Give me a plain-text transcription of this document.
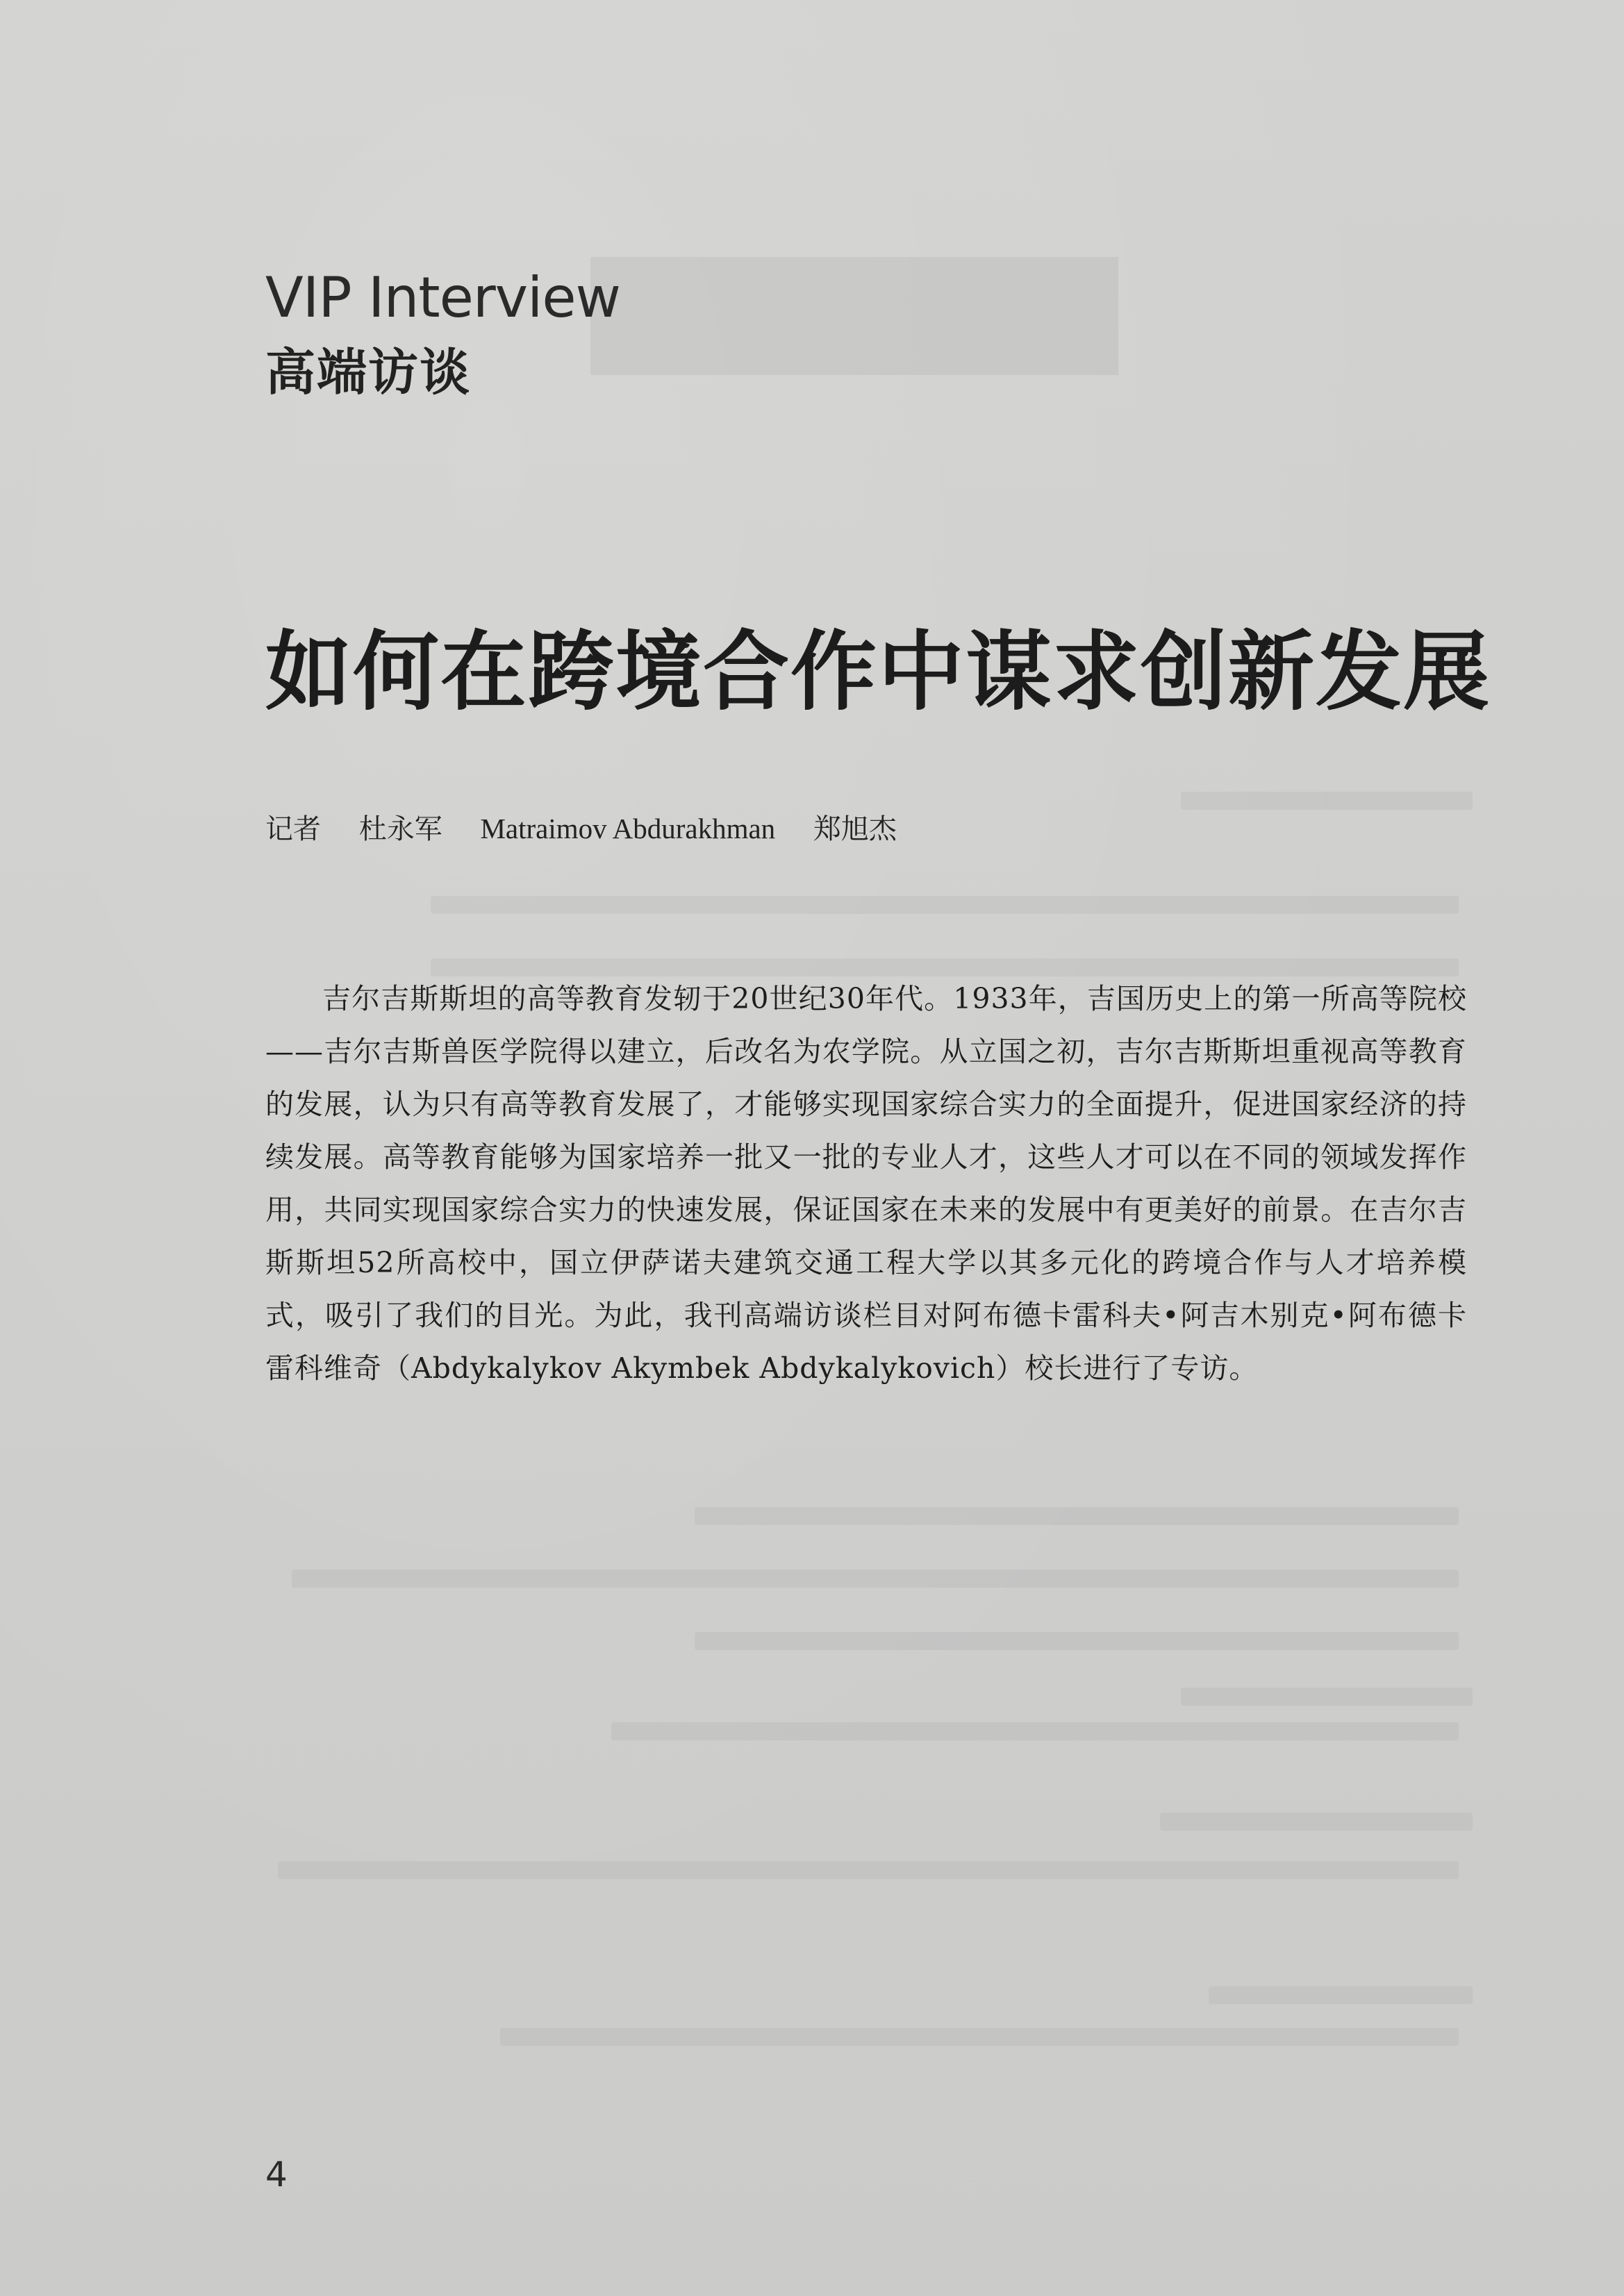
VIP Interview
高端访谈
如何在跨境合作中谋求创新发展
记者 杜永军 Matraimov Abdurakhman 郑旭杰

吉尔吉斯斯坦的高等教育发轫于20世纪30年代。1933年，吉国历史上的第一所高等院校——吉尔吉斯兽医学院得以建立，后改名为农学院。从立国之初，吉尔吉斯斯坦重视高等教育的发展，认为只有高等教育发展了，才能够实现国家综合实力的全面提升，促进国家经济的持续发展。高等教育能够为国家培养一批又一批的专业人才，这些人才可以在不同的领域发挥作用，共同实现国家综合实力的快速发展，保证国家在未来的发展中有更美好的前景。在吉尔吉斯斯坦52所高校中，国立伊萨诺夫建筑交通工程大学以其多元化的跨境合作与人才培养模式，吸引了我们的目光。为此，我刊高端访谈栏目对阿布德卡雷科夫•阿吉木别克•阿布德卡雷科维奇（Abdykalykov Akymbek Abdykalykovich）校长进行了专访。

4
